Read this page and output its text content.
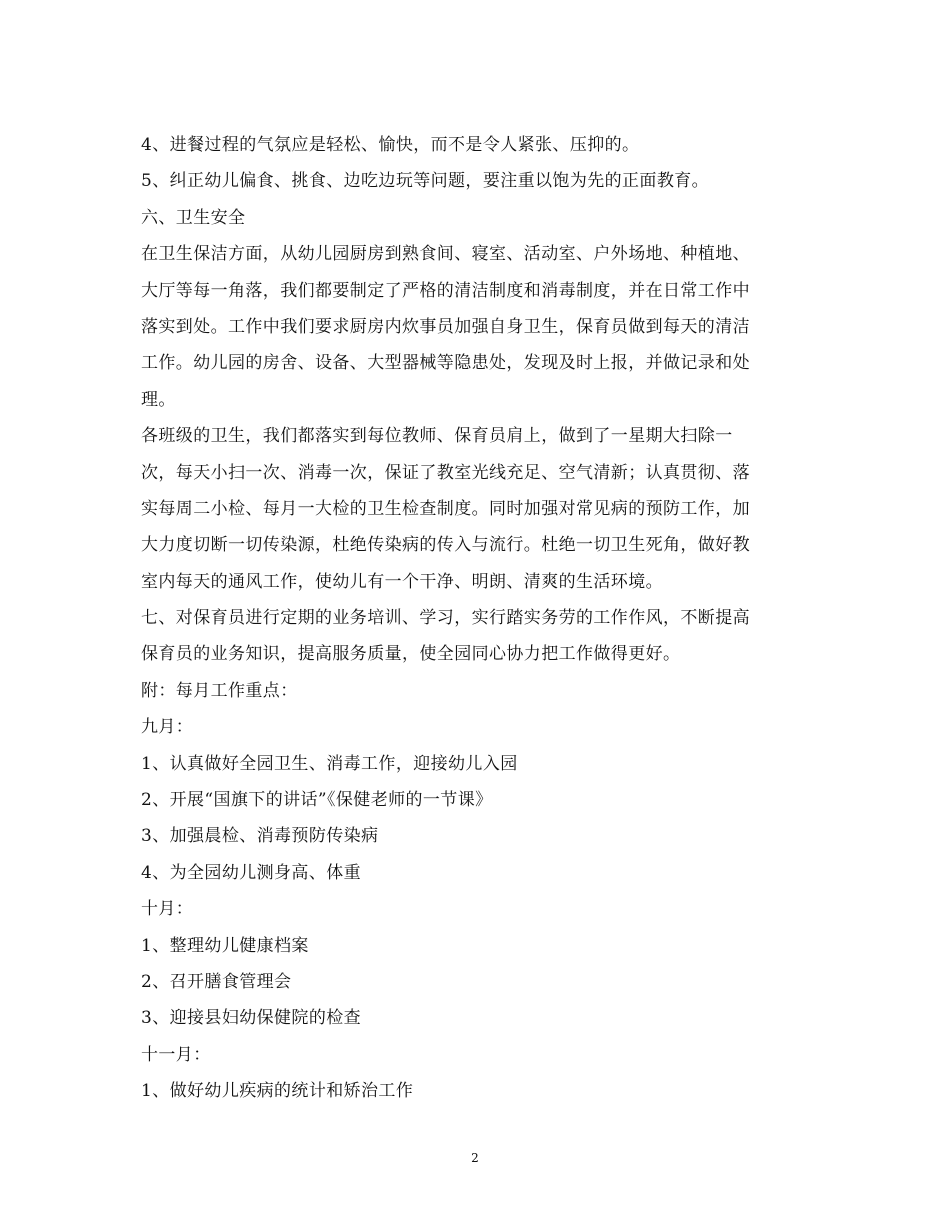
4、进餐过程的气氛应是轻松、愉快，而不是令人紧张、压抑的。
5、纠正幼儿偏食、挑食、边吃边玩等问题，要注重以饱为先的正面教育。
六、卫生安全
在卫生保洁方面，从幼儿园厨房到熟食间、寝室、活动室、户外场地、种植地、
大厅等每一角落，我们都要制定了严格的清洁制度和消毒制度，并在日常工作中
落实到处。工作中我们要求厨房内炊事员加强自身卫生，保育员做到每天的清洁
工作。幼儿园的房舍、设备、大型器械等隐患处，发现及时上报，并做记录和处
理。
各班级的卫生，我们都落实到每位教师、保育员肩上，做到了一星期大扫除一
次，每天小扫一次、消毒一次，保证了教室光线充足、空气清新；认真贯彻、落
实每周二小检、每月一大检的卫生检查制度。同时加强对常见病的预防工作，加
大力度切断一切传染源，杜绝传染病的传入与流行。杜绝一切卫生死角，做好教
室内每天的通风工作，使幼儿有一个干净、明朗、清爽的生活环境。
七、对保育员进行定期的业务培训、学习，实行踏实务劳的工作作风，不断提高
保育员的业务知识，提高服务质量，使全园同心协力把工作做得更好。
附：每月工作重点：
九月：
1、认真做好全园卫生、消毒工作，迎接幼儿入园
2、开展“国旗下的讲话”《保健老师的一节课》
3、加强晨检、消毒预防传染病
4、为全园幼儿测身高、体重
十月：
1、整理幼儿健康档案
2、召开膳食管理会
3、迎接县妇幼保健院的检查
十一月：
1、做好幼儿疾病的统计和矫治工作
2
